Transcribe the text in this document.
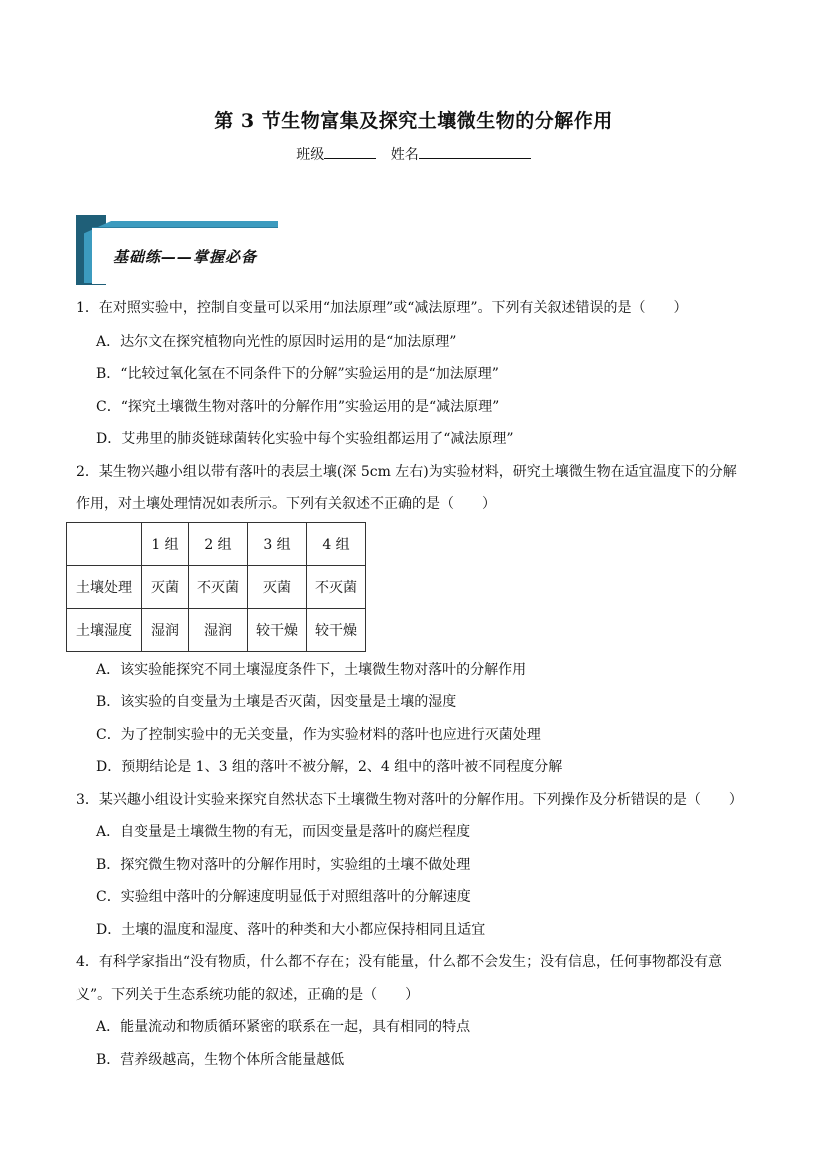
第 3 节生物富集及探究土壤微生物的分解作用
班级	姓名
基础练——掌握必备
1．在对照实验中，控制自变量可以采用“加法原理”或“减法原理”。下列有关叙述错误的是（　　）
A．达尔文在探究植物向光性的原因时运用的是“加法原理”
B．“比较过氧化氢在不同条件下的分解”实验运用的是“加法原理”
C．“探究土壤微生物对落叶的分解作用”实验运用的是“减法原理”
D．艾弗里的肺炎链球菌转化实验中每个实验组都运用了“减法原理”
2．某生物兴趣小组以带有落叶的表层土壤(深 5cm 左右)为实验材料，研究土壤微生物在适宜温度下的分解
作用，对土壤处理情况如表所示。下列有关叙述不正确的是（　　）
	1 组	2 组	3 组	4 组
土壤处理	灭菌	不灭菌	灭菌	不灭菌
土壤湿度	湿润	湿润	较干燥	较干燥
A．该实验能探究不同土壤湿度条件下，土壤微生物对落叶的分解作用
B．该实验的自变量为土壤是否灭菌，因变量是土壤的湿度
C．为了控制实验中的无关变量，作为实验材料的落叶也应进行灭菌处理
D．预期结论是 1、3 组的落叶不被分解，2、4 组中的落叶被不同程度分解
3．某兴趣小组设计实验来探究自然状态下土壤微生物对落叶的分解作用。下列操作及分析错误的是（　　）
A．自变量是土壤微生物的有无，而因变量是落叶的腐烂程度
B．探究微生物对落叶的分解作用时，实验组的土壤不做处理
C．实验组中落叶的分解速度明显低于对照组落叶的分解速度
D．土壤的温度和湿度、落叶的种类和大小都应保持相同且适宜
4．有科学家指出“没有物质，什么都不存在；没有能量，什么都不会发生；没有信息，任何事物都没有意
义”。下列关于生态系统功能的叙述，正确的是（　　）
A．能量流动和物质循环紧密的联系在一起，具有相同的特点
B．营养级越高，生物个体所含能量越低
